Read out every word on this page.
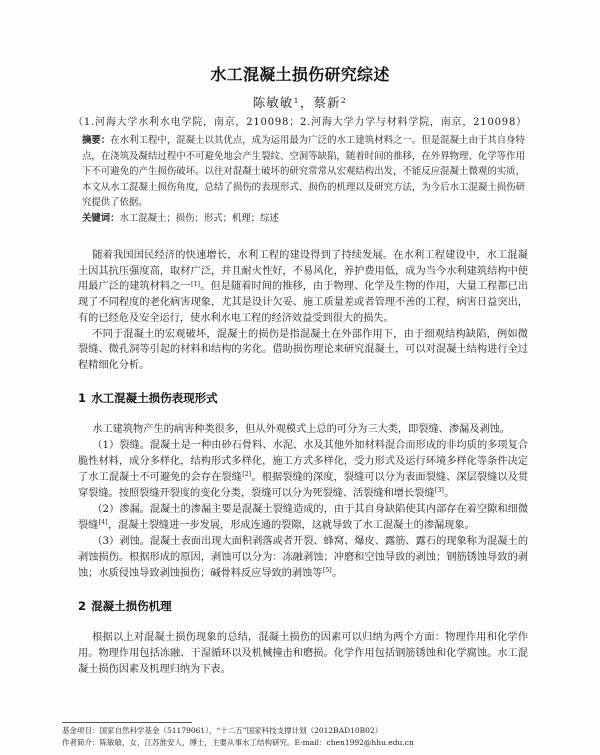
水工混凝土损伤研究综述
陈敏敏$^1$，蔡新$^2$
（1.河海大学水利水电学院，南京，210098；2.河海大学力学与材料学院，南京，210098）

摘要：在水利工程中，混凝土以其优点，成为运用最为广泛的水工建筑材料之一。但是混凝土由于其自身特点，在浇筑及凝结过程中不可避免地会产生裂纹、空洞等缺陷，随着时间的推移，在外界物理、化学等作用下不可避免的产生损伤破坏。以往对混凝土破坏的研究常常从宏观结构出发，不能反应混凝土微观的实质，本文从水工混凝土损伤角度，总结了损伤的表现形式、损伤的机理以及研究方法，为今后水工混凝土损伤研究提供了依据。

关键词：水工混凝土；损伤；形式；机理；综述

随着我国国民经济的快速增长，水利工程的建设得到了持续发展。在水利工程建设中，水工混凝土因其抗压强度高，取材广泛，并且耐火性好，不易风化，养护费用低，成为当今水利建筑结构中使用最广泛的建筑材料之一[1]。但是随着时间的推移，由于物理、化学及生物的作用，大量工程都已出现了不同程度的老化病害现象，尤其是设计欠妥、施工质量差或者管理不善的工程，病害日益突出，有的已经危及安全运行，使水利水电工程的经济效益受到很大的损失。

不同于混凝土的宏观破坏，混凝土的损伤是指混凝土在外部作用下，由于细观结构缺陷，例如微裂缝、微孔洞等引起的材料和结构的劣化。借助损伤理论来研究混凝土，可以对混凝土结构进行全过程精细化分析。

1 水工混凝土损伤表现形式

水工建筑物产生的病害种类很多，但从外观模式上总的可分为三大类，即裂缝、渗漏及剥蚀。

（1）裂缝。混凝土是一种由砂石骨料、水泥、水及其他外加材料混合而形成的非均质的多项复合脆性材料，成分多样化，结构形式多样化，施工方式多样化，受力形式及运行环境多样化等条件决定了水工混凝土不可避免的会存在裂缝[2]。根据裂缝的深度，裂缝可以分为表面裂缝、深层裂缝以及贯穿裂缝。按照裂缝开裂度的变化分类，裂缝可以分为死裂缝、活裂缝和增长裂缝[3]。

（2）渗漏。混凝土的渗漏主要是混凝土裂缝造成的，由于其自身缺陷使其内部存在着空隙和细微裂缝[4]，混凝土裂缝进一步发展，形成连通的裂隙，这就导致了水工混凝土的渗漏现象。

（3）剥蚀。混凝土表面出现大面积剥落或者开裂、蜂窝、爆皮、露筋、露石的现象称为混凝土的剥蚀损伤。根据形成的原因，剥蚀可以分为：冻融剥蚀；冲磨和空蚀导致的剥蚀；钢筋锈蚀导致的剥蚀；水质侵蚀导致剥蚀损伤；碱骨料反应导致的剥蚀等[5]。

2 混凝土损伤机理

根据以上对混凝土损伤现象的总结，混凝土损伤的因素可以归纳为两个方面：物理作用和化学作用。物理作用包括冻融、干湿循环以及机械撞击和磨损。化学作用包括钢筋锈蚀和化学腐蚀。水工混凝土损伤因素及机理归纳为下表。

基金项目：国家自然科学基金（51179061），“十二五”国家科技支撑计划（2012BAD10B02）

作者简介：陈敏敏，女，江苏淮安人，博士，主要从事水工结构研究。E-mail：chen1992@hhu.edu.cn
